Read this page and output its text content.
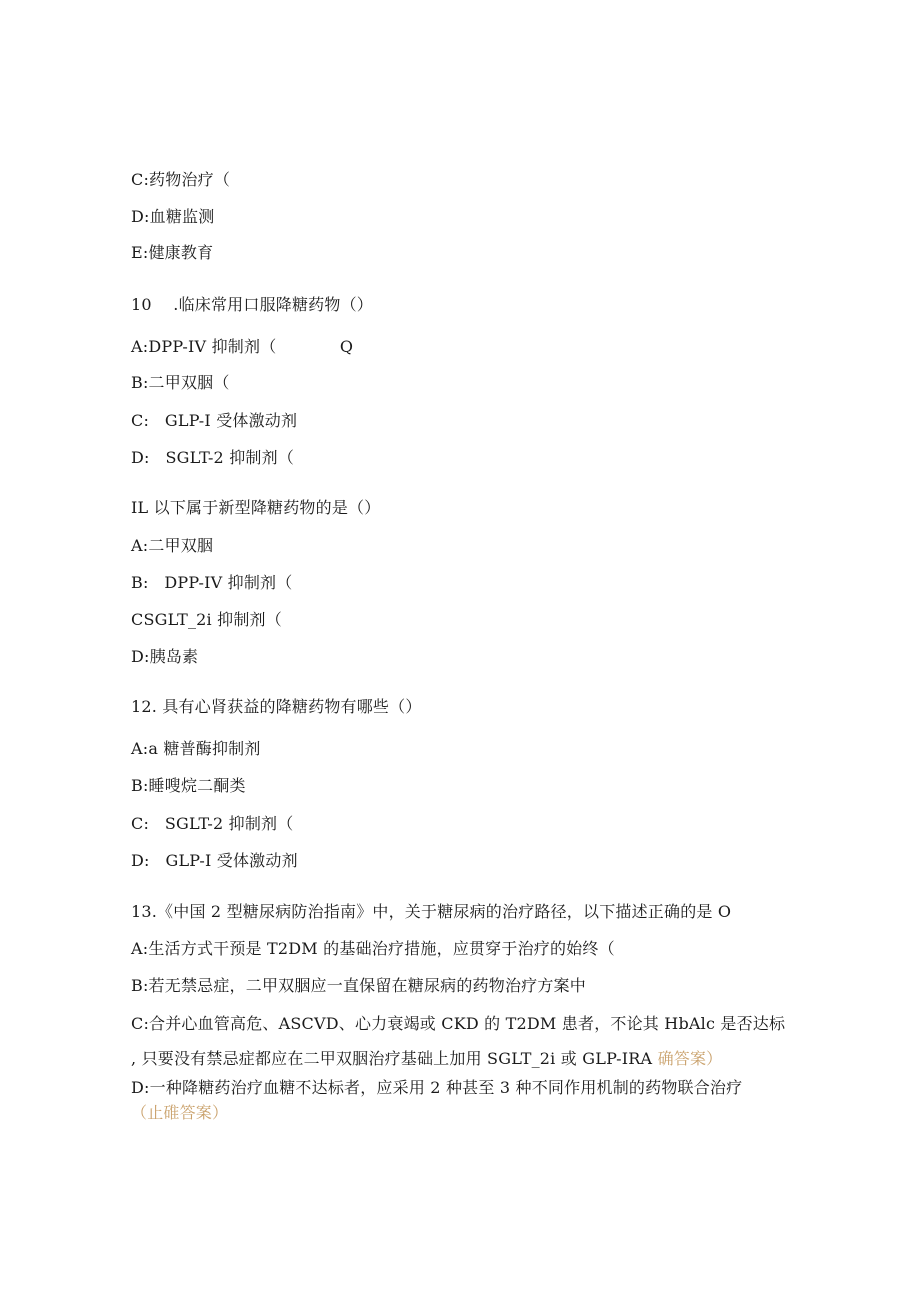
C:药物治疗（
D:血糖监测
E:健康教育
10	.临床常用口服降糖药物（）
A:DPP-IV 抑制剂（            Q
B:二甲双胭（
C:   GLP-I 受体激动剂
D:   SGLT-2 抑制剂（
IL 以下属于新型降糖药物的是（）
A:二甲双胭
B:   DPP-IV 抑制剂（
CSGLT_2i 抑制剂（
D:胰岛素
12. 具有心肾获益的降糖药物有哪些（）
A:a 糖普酶抑制剂
B:睡嗖烷二酮类
C:   SGLT-2 抑制剂（
D:   GLP-I 受体激动剂
13.《中国 2 型糖尿病防治指南》中，关于糖尿病的治疗路径，以下描述正确的是 O
A:生活方式干预是 T2DM 的基础治疗措施，应贯穿于治疗的始终（
B:若无禁忌症，二甲双胭应一直保留在糖尿病的药物治疗方案中
C:合并心血管高危、ASCVD、心力衰竭或 CKD 的 T2DM 患者，不论其 HbAlc 是否达标
, 只要没有禁忌症都应在二甲双胭治疗基础上加用 SGLT_2i 或 GLP-IRA 确答案）
D:一种降糖药治疗血糖不达标者，应采用 2 种甚至 3 种不同作用机制的药物联合治疗
（止碓答案）
